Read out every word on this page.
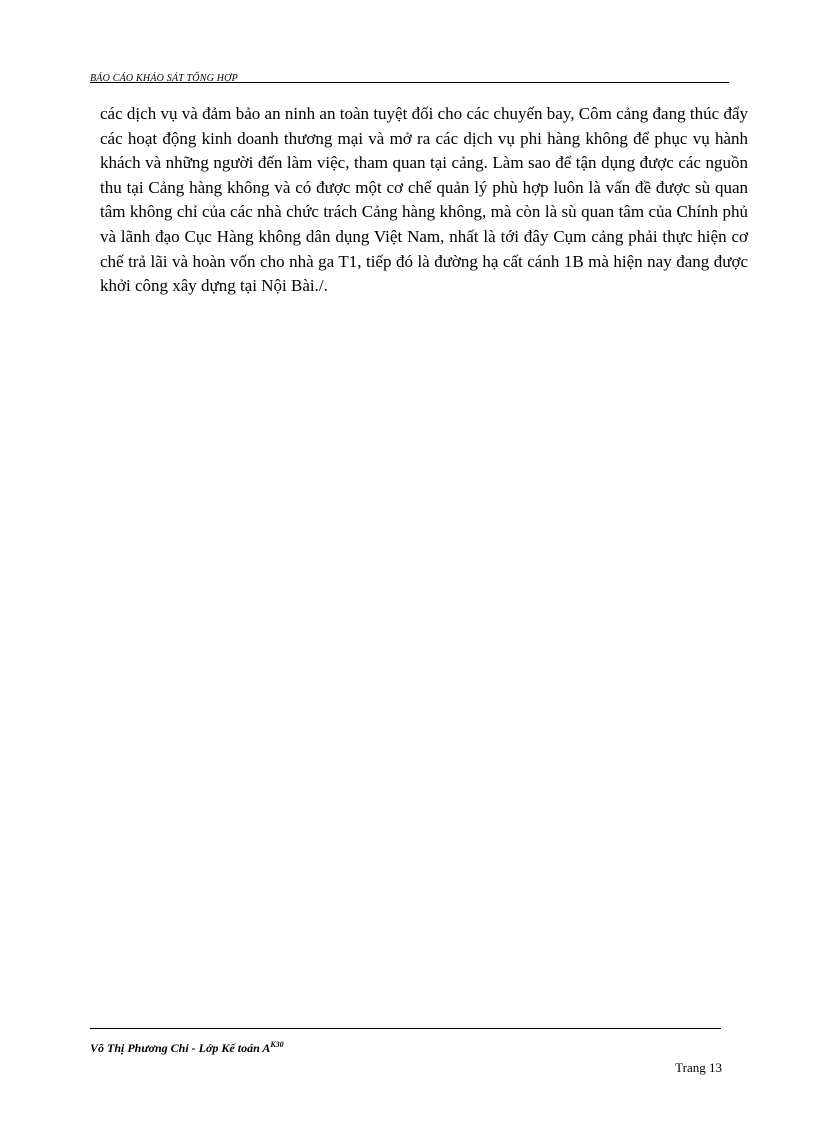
BÁO CÁO KHẢO SÁT TỔNG HỢP

các dịch vụ và đảm bảo an ninh an toàn tuyệt đối cho các chuyến bay, Côm cảng đang thúc đẩy các hoạt động kinh doanh thương mại và mở ra các dịch vụ phi hàng không để phục vụ hành khách và những người đến làm việc, tham quan tại cảng. Làm sao để tận dụng được các nguồn thu tại Cảng hàng không và có được một cơ chế quản lý phù hợp luôn là vấn đề được sù quan tâm không chỉ của các nhà chức trách Cảng hàng không, mà còn là sù quan tâm của Chính phủ và lãnh đạo Cục Hàng không dân dụng Việt Nam, nhất là tới đây Cụm cảng phải thực hiện cơ chế trả lãi và hoàn vốn cho nhà ga T1, tiếp đó là đường hạ cất cánh 1B mà hiện nay đang được khởi công xây dựng tại Nội Bài./.

Võ Thị Phương Chi - Lớp Kế toán $A^{K30}$
Trang 13
